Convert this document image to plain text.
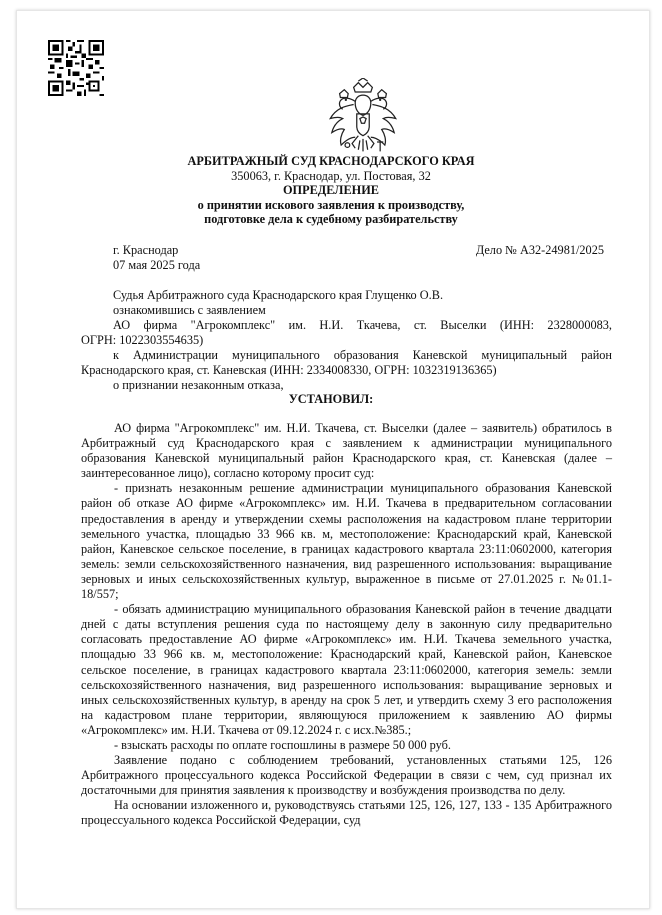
АРБИТРАЖНЫЙ СУД КРАСНОДАРСКОГО КРАЯ
350063, г. Краснодар, ул. Постовая, 32
ОПРЕДЕЛЕНИЕ
о принятии искового заявления к производству,
подготовке дела к судебному разбирательству
г. Краснодар
07 мая 2025 года
Дело № А32-24981/2025
Судья Арбитражного суда Краснодарского края Глущенко О.В.
ознакомившись с заявлением
АО фирма "Агрокомплекс" им. Н.И. Ткачева, ст. Выселки (ИНН: 2328000083,
ОГРН: 1022303554635)
к Администрации муниципального образования Каневской муниципальный район
Краснодарского края, ст. Каневская (ИНН: 2334008330, ОГРН: 1032319136365)
о признании незаконным отказа,
УСТАНОВИЛ:

АО фирма "Агрокомплекс" им. Н.И. Ткачева, ст. Выселки (далее – заявитель) обратилось в Арбитражный суд Краснодарского края с заявлением к администрации муниципального образования Каневской муниципальный район Краснодарского края, ст. Каневская (далее – заинтересованное лицо), согласно которому просит суд:

- признать незаконным решение администрации муниципального образования Каневской район об отказе АО фирме «Агрокомплекс» им. Н.И. Ткачева в предварительном согласовании предоставления в аренду и утверждении схемы расположения на кадастровом плане территории земельного участка, площадью 33 966 кв. м, местоположение: Краснодарский край, Каневской район, Каневское сельское поселение, в границах кадастрового квартала 23:11:0602000, категория земель: земли сельскохозяйственного назначения, вид разрешенного использования: выращивание зерновых и иных сельскохозяйственных культур, выраженное в письме от 27.01.2025 г. №01.1-18/557;

- обязать администрацию муниципального образования Каневской район в течение двадцати дней с даты вступления решения суда по настоящему делу в законную силу предварительно согласовать предоставление АО фирме «Агрокомплекс» им. Н.И. Ткачева земельного участка, площадью 33 966 кв. м, местоположение: Краснодарский край, Каневской район, Каневское сельское поселение, в границах кадастрового квартала 23:11:0602000, категория земель: земли сельскохозяйственного назначения, вид разрешенного использования: выращивание зерновых и иных сельскохозяйственных культур, в аренду на срок 5 лет, и утвердить схему 3 его расположения на кадастровом плане территории, являющуюся приложением к заявлению АО фирмы «Агрокомплекс» им. Н.И. Ткачева от 09.12.2024 г. с исх.№385.;

- взыскать расходы по оплате госпошлины в размере 50 000 руб.

Заявление подано с соблюдением требований, установленных статьями 125, 126 Арбитражного процессуального кодекса Российской Федерации в связи с чем, суд признал их достаточными для принятия заявления к производству и возбуждения производства по делу.

На основании изложенного и, руководствуясь статьями 125, 126, 127, 133 - 135 Арбитражного процессуального кодекса Российской Федерации, суд
